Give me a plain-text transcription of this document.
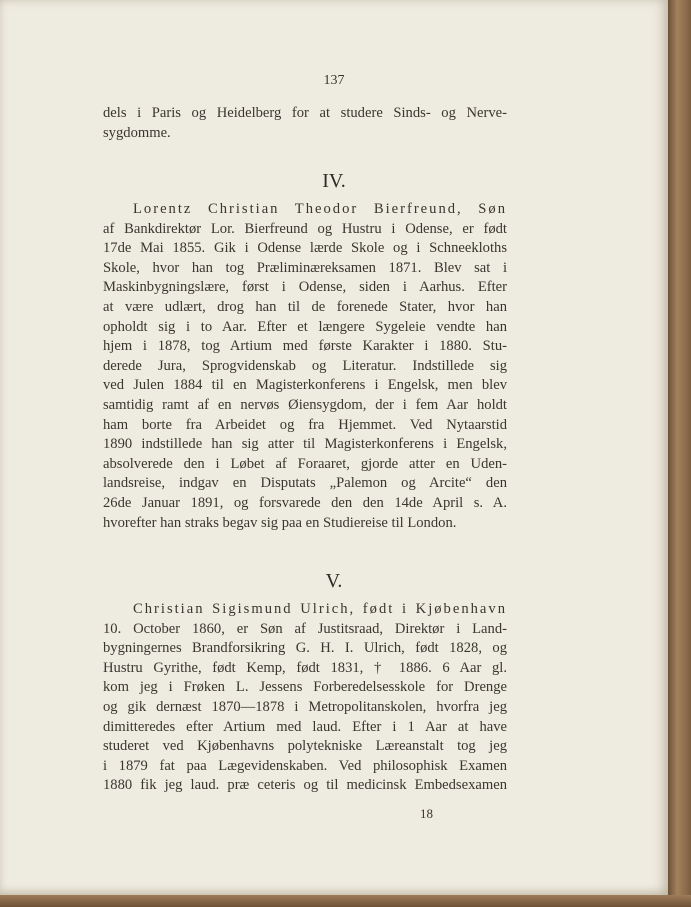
137
dels i Paris og Heidelberg for at studere Sinds- og Nerve-
sygdomme.
IV.
Lorentz Christian Theodor Bierfreund, Søn
af Bankdirektør Lor. Bierfreund og Hustru i Odense, er født
17de Mai 1855. Gik i Odense lærde Skole og i Schneekloths
Skole, hvor han tog Præliminæreksamen 1871. Blev sat i
Maskinbygningslære, først i Odense, siden i Aarhus. Efter
at være udlært, drog han til de forenede Stater, hvor han
opholdt sig i to Aar. Efter et længere Sygeleie vendte han
hjem i 1878, tog Artium med første Karakter i 1880. Stu-
derede Jura, Sprogvidenskab og Literatur. Indstillede sig
ved Julen 1884 til en Magisterkonferens i Engelsk, men blev
samtidig ramt af en nervøs Øiensygdom, der i fem Aar holdt
ham borte fra Arbeidet og fra Hjemmet. Ved Nytaarstid
1890 indstillede han sig atter til Magisterkonferens i Engelsk,
absolverede den i Løbet af Foraaret, gjorde atter en Uden-
landsreise, indgav en Disputats „Palemon og Arcite“ den
26de Januar 1891, og forsvarede den den 14de April s. A.
hvorefter han straks begav sig paa en Studiereise til London.
V.
Christian Sigismund Ulrich, født i Kjøbenhavn
10. October 1860, er Søn af Justitsraad, Direktør i Land-
bygningernes Brandforsikring G. H. I. Ulrich, født 1828, og
Hustru Gyrithe, født Kemp, født 1831, † 1886. 6 Aar gl.
kom jeg i Frøken L. Jessens Forberedelsesskole for Drenge
og gik dernæst 1870—1878 i Metropolitanskolen, hvorfra jeg
dimitteredes efter Artium med laud. Efter i 1 Aar at have
studeret ved Kjøbenhavns polytekniske Læreanstalt tog jeg
i 1879 fat paa Lægevidenskaben. Ved philosophisk Examen
1880 fik jeg laud. præ ceteris og til medicinsk Embedsexamen
18
